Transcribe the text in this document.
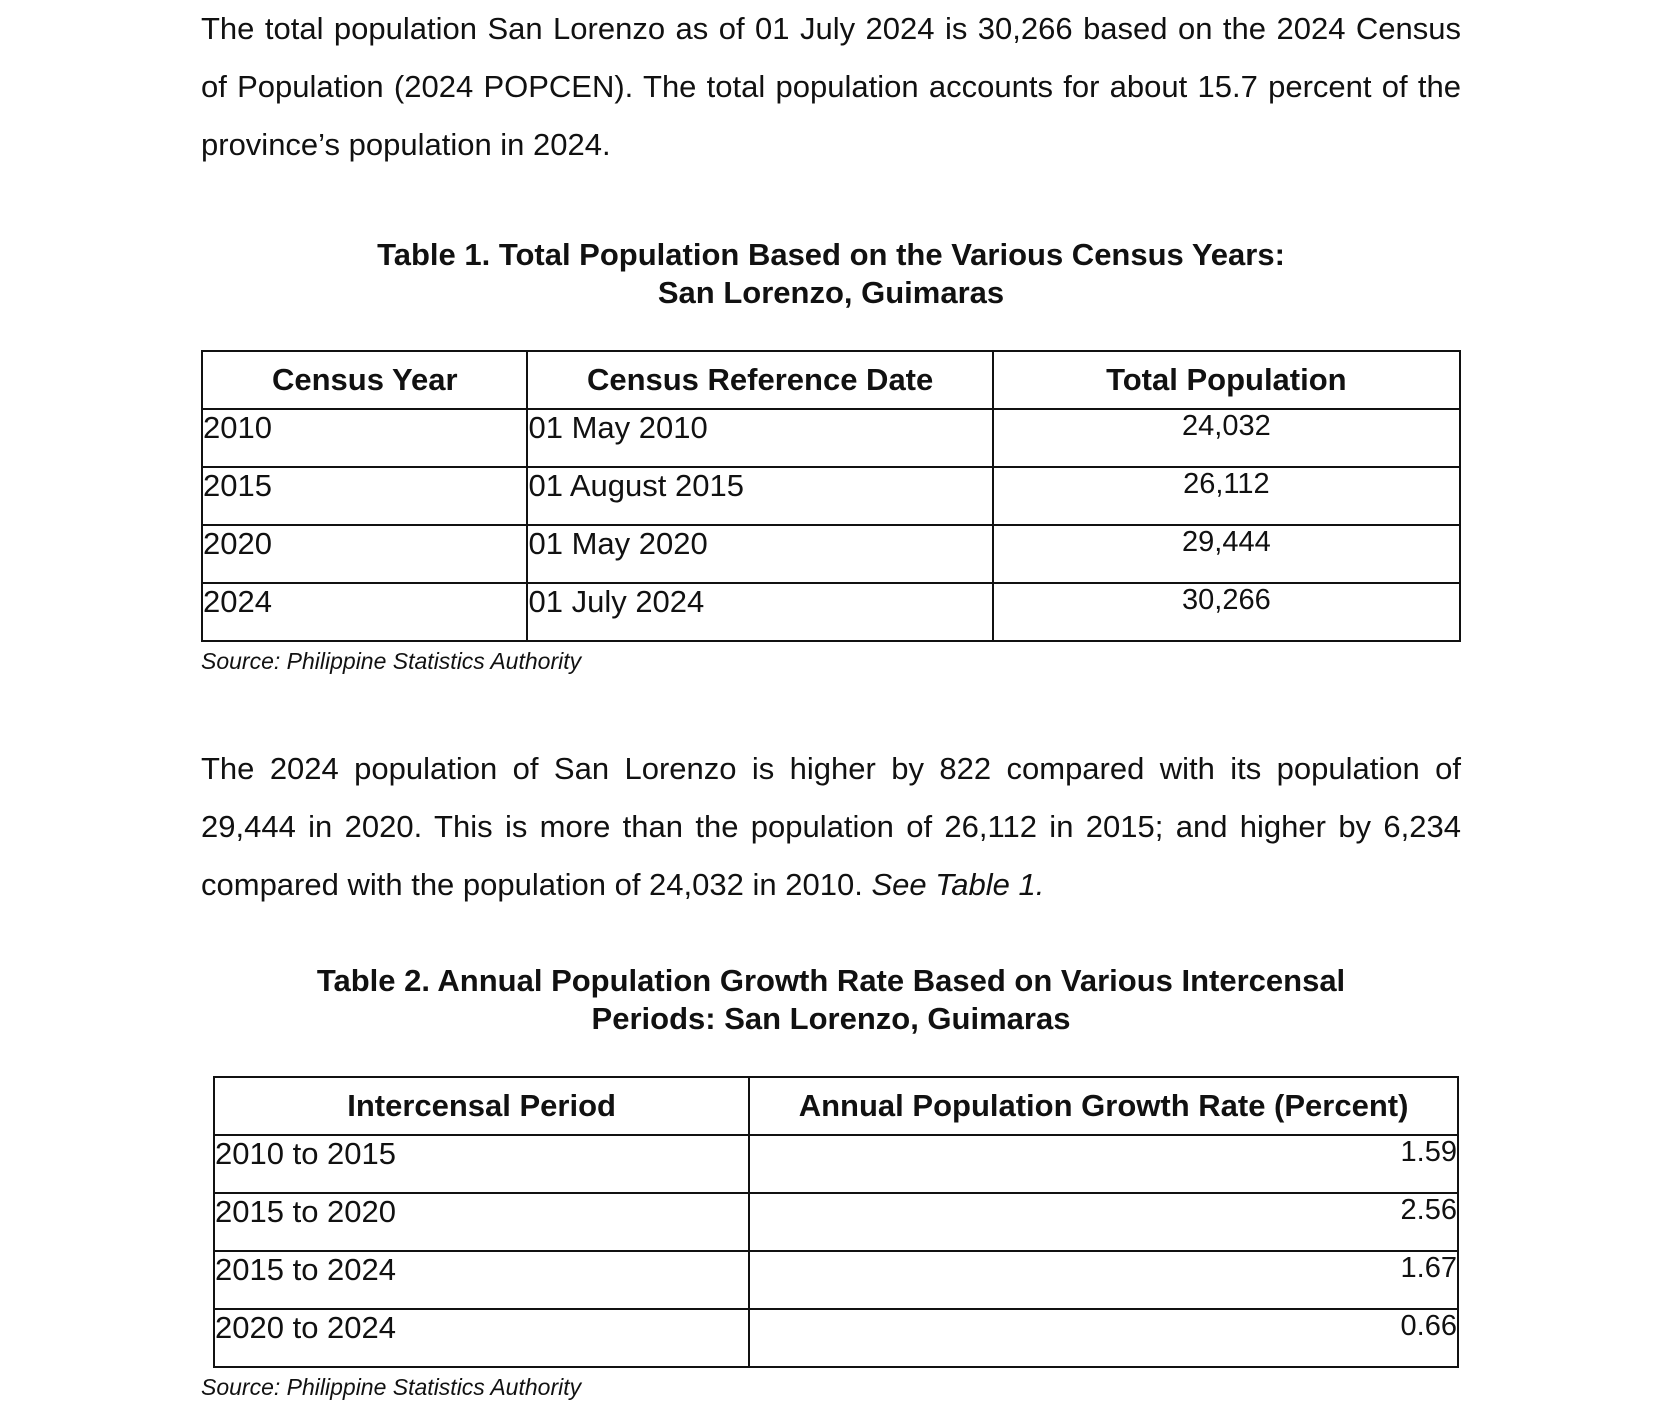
The total population San Lorenzo as of 01 July 2024 is 30,266 based on the 2024 Census of Population (2024 POPCEN). The total population accounts for about 15.7 percent of the province’s population in 2024.

Table 1. Total Population Based on the Various Census Years:
San Lorenzo, Guimaras
Census Year	Census Reference Date	Total Population
2010	01 May 2010	24,032
2015	01 August 2015	26,112
2020	01 May 2020	29,444
2024	01 July 2024	30,266

Source: Philippine Statistics Authority

The 2024 population of San Lorenzo is higher by 822 compared with its population of 29,444 in 2020. This is more than the population of 26,112 in 2015; and higher by 6,234 compared with the population of 24,032 in 2010. See Table 1.

Table 2. Annual Population Growth Rate Based on Various Intercensal
Periods: San Lorenzo, Guimaras
Intercensal Period	Annual Population Growth Rate (Percent)
2010 to 2015	1.59
2015 to 2020	2.56
2015 to 2024	1.67
2020 to 2024	0.66

Source: Philippine Statistics Authority
